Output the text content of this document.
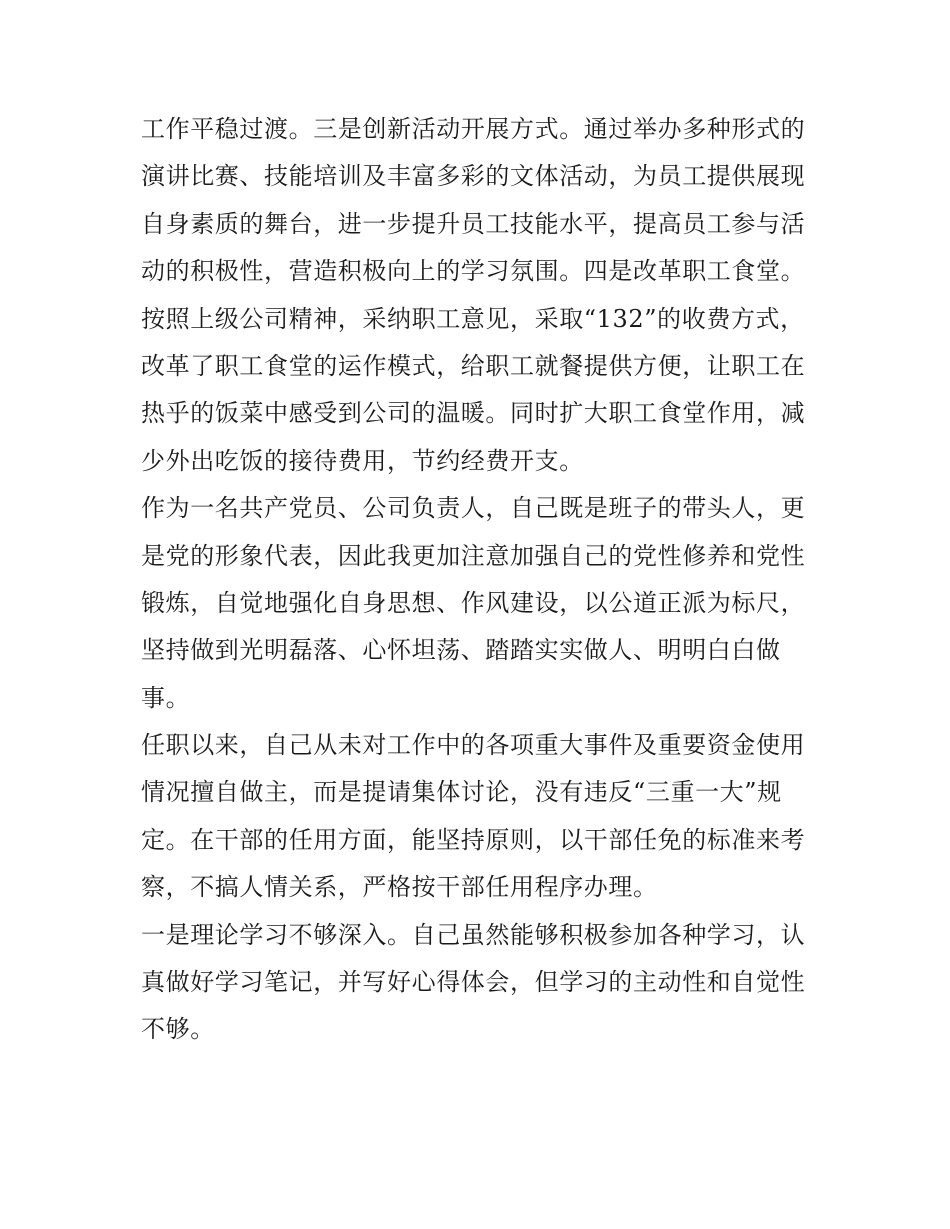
工作平稳过渡。三是创新活动开展方式。通过举办多种形式的
演讲比赛、技能培训及丰富多彩的文体活动，为员工提供展现
自身素质的舞台，进一步提升员工技能水平，提高员工参与活
动的积极性，营造积极向上的学习氛围。四是改革职工食堂。
按照上级公司精神，采纳职工意见，采取“132”的收费方式，
改革了职工食堂的运作模式，给职工就餐提供方便，让职工在
热乎的饭菜中感受到公司的温暖。同时扩大职工食堂作用，减
少外出吃饭的接待费用，节约经费开支。
作为一名共产党员、公司负责人，自己既是班子的带头人，更
是党的形象代表，因此我更加注意加强自己的党性修养和党性
锻炼，自觉地强化自身思想、作风建设，以公道正派为标尺，
坚持做到光明磊落、心怀坦荡、踏踏实实做人、明明白白做
事。
任职以来，自己从未对工作中的各项重大事件及重要资金使用
情况擅自做主，而是提请集体讨论，没有违反“三重一大”规
定。在干部的任用方面，能坚持原则，以干部任免的标准来考
察，不搞人情关系，严格按干部任用程序办理。
一是理论学习不够深入。自己虽然能够积极参加各种学习，认
真做好学习笔记，并写好心得体会，但学习的主动性和自觉性
不够。
